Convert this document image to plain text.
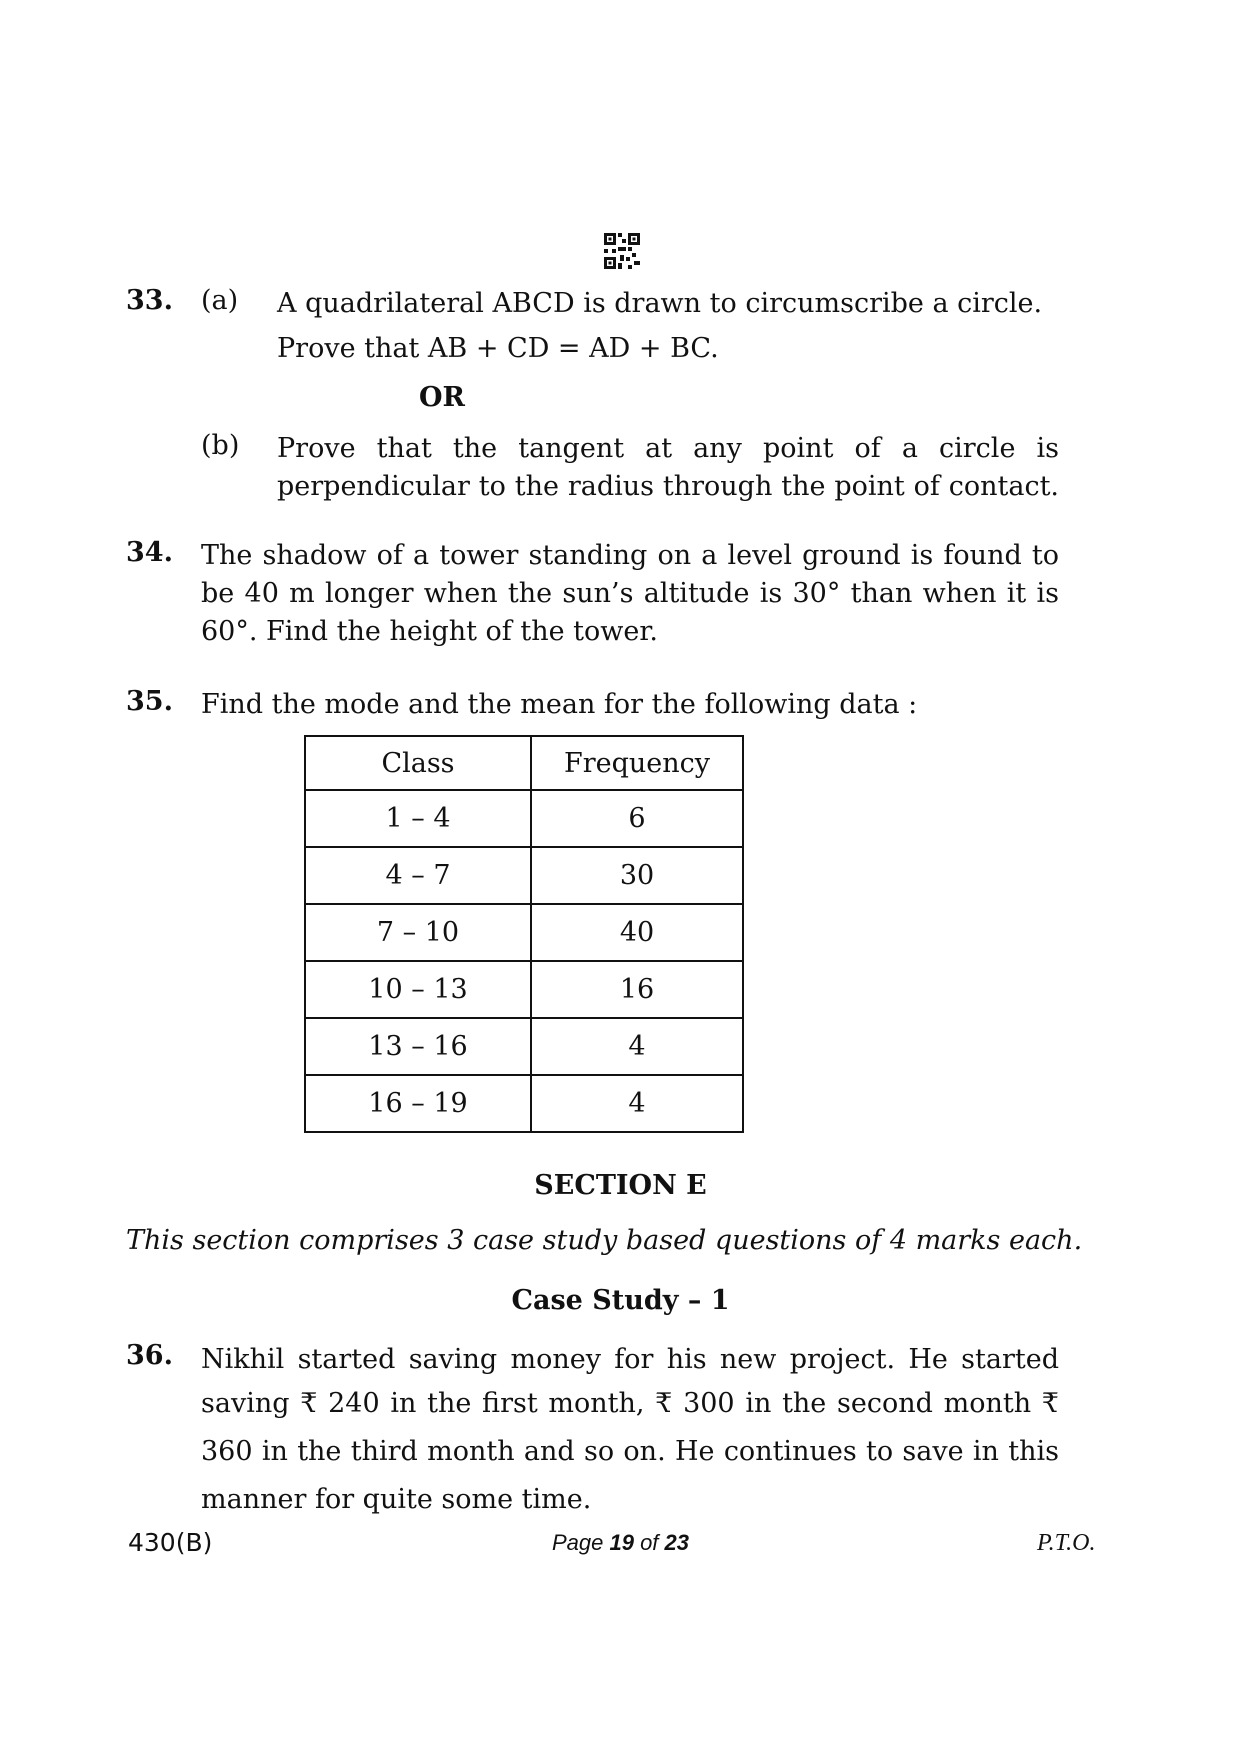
33. (a) A quadrilateral ABCD is drawn to circumscribe a circle.
Prove that AB + CD = AD + BC.
OR
(b) Prove that the tangent at any point of a circle is perpendicular to the radius through the point of contact.
34. The shadow of a tower standing on a level ground is found to be 40 m longer when the sun’s altitude is 30° than when it is 60°. Find the height of the tower.
35. Find the mode and the mean for the following data :
Class	Frequency
1 – 4	6
4 – 7	30
7 – 10	40
10 – 13	16
13 – 16	4
16 – 19	4
SECTION E
This section comprises 3 case study based questions of 4 marks each.
Case Study – 1
36. Nikhil started saving money for his new project. He started
saving ₹ 240 in the first month, ₹ 300 in the second month ₹
360 in the third month and so on. He continues to save in this
manner for quite some time.
430(B)	Page 19 of 23	P.T.O.
